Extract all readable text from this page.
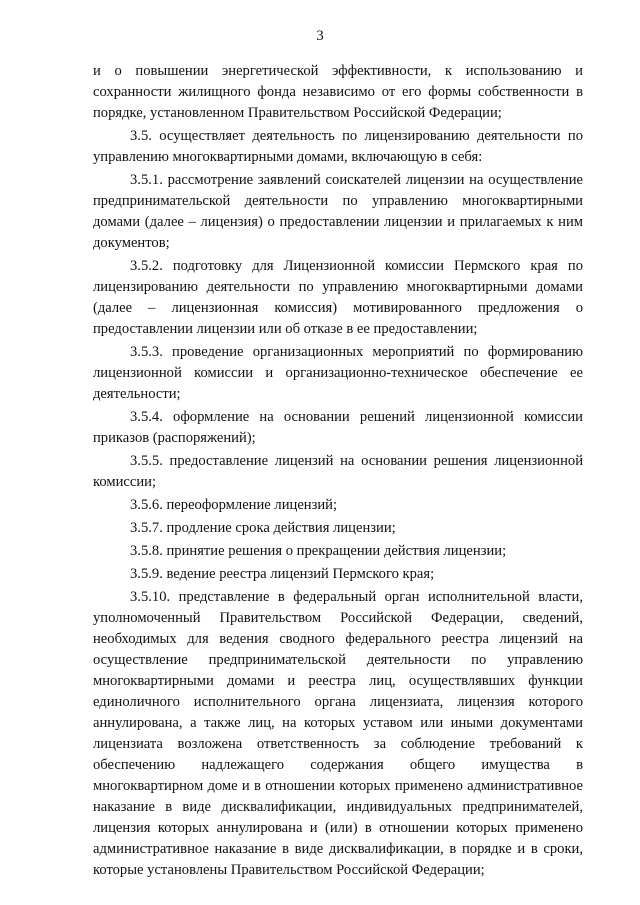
3

и о повышении энергетической эффективности, к использованию и сохранности жилищного фонда независимо от его формы собственности в порядке, установленном Правительством Российской Федерации;

3.5. осуществляет деятельность по лицензированию деятельности по управлению многоквартирными домами, включающую в себя:

3.5.1. рассмотрение заявлений соискателей лицензии на осуществление предпринимательской деятельности по управлению многоквартирными домами (далее – лицензия) о предоставлении лицензии и прилагаемых к ним документов;

3.5.2. подготовку для Лицензионной комиссии Пермского края по лицензированию деятельности по управлению многоквартирными домами (далее – лицензионная комиссия) мотивированного предложения о предоставлении лицензии или об отказе в ее предоставлении;

3.5.3. проведение организационных мероприятий по формированию лицензионной комиссии и организационно-техническое обеспечение ее деятельности;

3.5.4. оформление на основании решений лицензионной комиссии приказов (распоряжений);

3.5.5. предоставление лицензий на основании решения лицензионной комиссии;

3.5.6. переоформление лицензий;

3.5.7. продление срока действия лицензии;

3.5.8. принятие решения о прекращении действия лицензии;

3.5.9. ведение реестра лицензий Пермского края;

3.5.10. представление в федеральный орган исполнительной власти, уполномоченный Правительством Российской Федерации, сведений, необходимых для ведения сводного федерального реестра лицензий на осуществление предпринимательской деятельности по управлению многоквартирными домами и реестра лиц, осуществлявших функции единоличного исполнительного органа лицензиата, лицензия которого аннулирована, а также лиц, на которых уставом или иными документами лицензиата возложена ответственность за соблюдение требований к обеспечению надлежащего содержания общего имущества в многоквартирном доме и в отношении которых применено административное наказание в виде дисквалификации, индивидуальных предпринимателей, лицензия которых аннулирована и (или) в отношении которых применено административное наказание в виде дисквалификации, в порядке и в сроки, которые установлены Правительством Российской Федерации;
